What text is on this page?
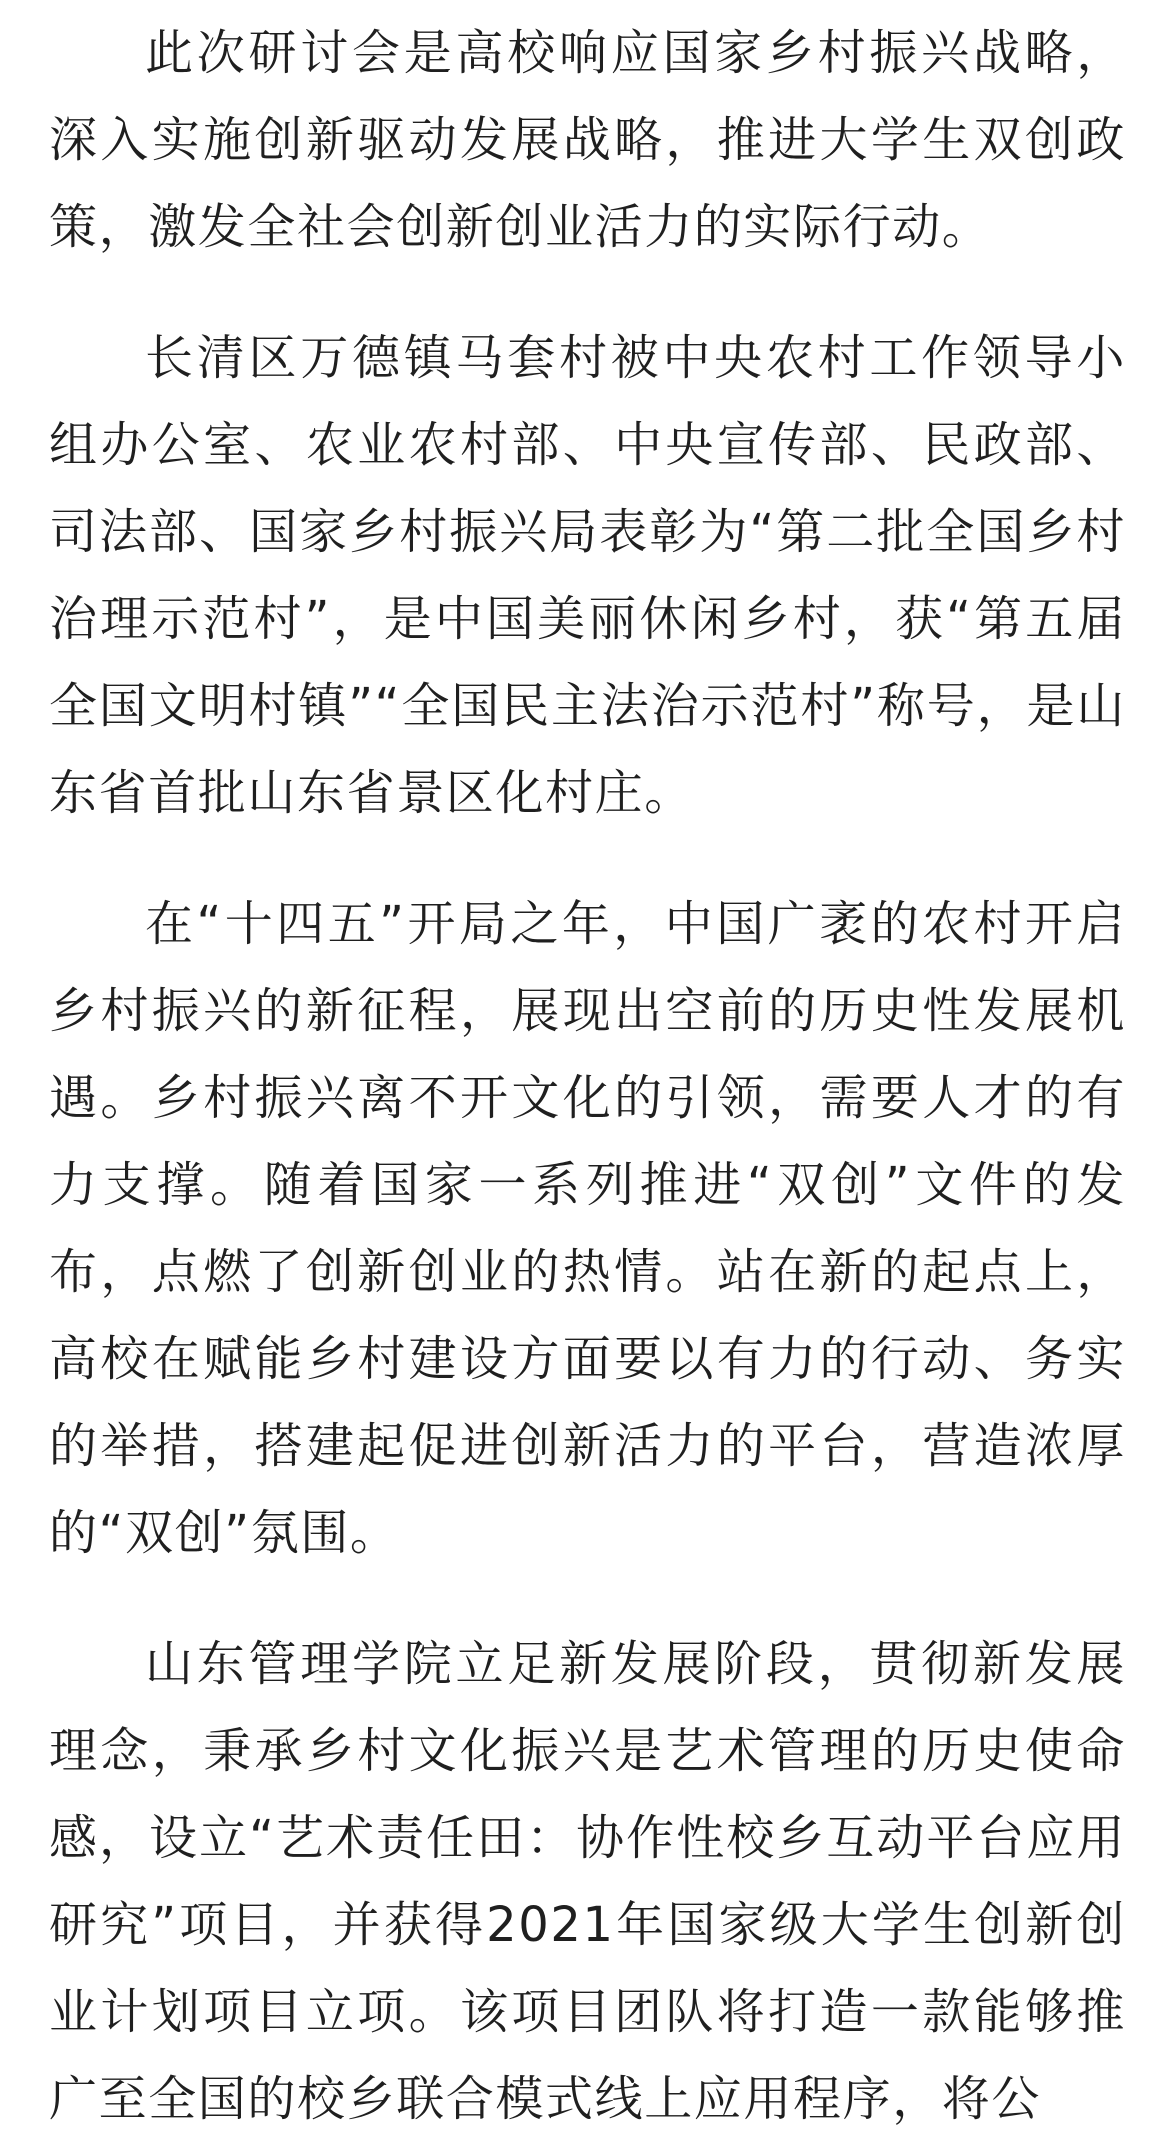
此次研讨会是高校响应国家乡村振兴战略，深入实施创新驱动发展战略，推进大学生双创政策，激发全社会创新创业活力的实际行动。

长清区万德镇马套村被中央农村工作领导小组办公室、农业农村部、中央宣传部、民政部、司法部、国家乡村振兴局表彰为“第二批全国乡村治理示范村”，是中国美丽休闲乡村，获“第五届全国文明村镇”“全国民主法治示范村”称号，是山东省首批山东省景区化村庄。

在“十四五”开局之年，中国广袤的农村开启乡村振兴的新征程，展现出空前的历史性发展机遇。乡村振兴离不开文化的引领，需要人才的有力支撑。随着国家一系列推进“双创”文件的发布，点燃了创新创业的热情。站在新的起点上，高校在赋能乡村建设方面要以有力的行动、务实的举措，搭建起促进创新活力的平台，营造浓厚的“双创”氛围。

山东管理学院立足新发展阶段，贯彻新发展理念，秉承乡村文化振兴是艺术管理的历史使命感，设立“艺术责任田：协作性校乡互动平台应用研究”项目，并获得2021年国家级大学生创新创业计划项目立项。该项目团队将打造一款能够推广至全国的校乡联合模式线上应用程序，将公
